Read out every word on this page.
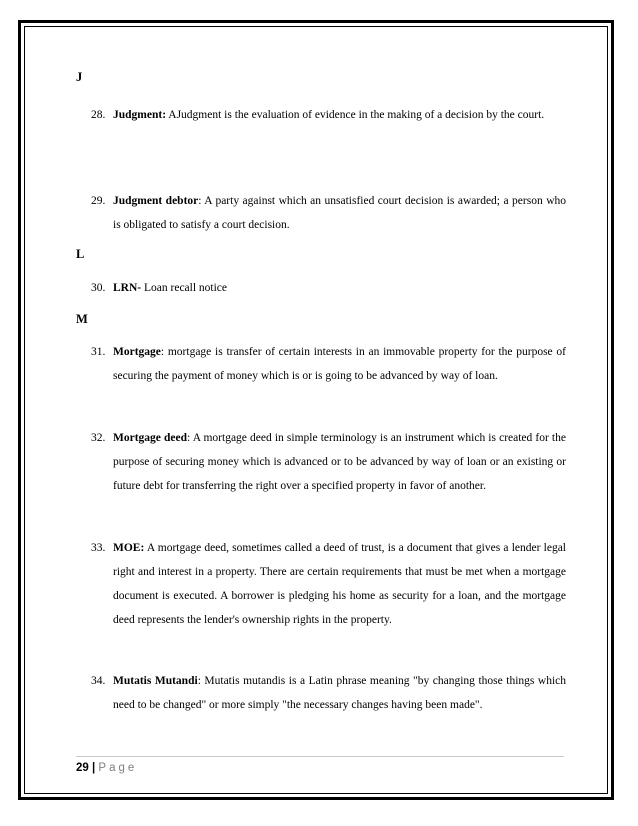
J
28. Judgment: AJudgment is the evaluation of evidence in the making of a decision by the court.
29. Judgment debtor: A party against which an unsatisfied court decision is awarded; a person who is obligated to satisfy a court decision.
L
30. LRN- Loan recall notice
M
31. Mortgage: mortgage is transfer of certain interests in an immovable property for the purpose of securing the payment of money which is or is going to be advanced by way of loan.
32. Mortgage deed: A mortgage deed in simple terminology is an instrument which is created for the purpose of securing money which is advanced or to be advanced by way of loan or an existing or future debt for transferring the right over a specified property in favor of another.
33. MOE: A mortgage deed, sometimes called a deed of trust, is a document that gives a lender legal right and interest in a property. There are certain requirements that must be met when a mortgage document is executed. A borrower is pledging his home as security for a loan, and the mortgage deed represents the lender's ownership rights in the property.
34. Mutatis Mutandi: Mutatis mutandis is a Latin phrase meaning "by changing those things which need to be changed" or more simply "the necessary changes having been made".
29 | Page
